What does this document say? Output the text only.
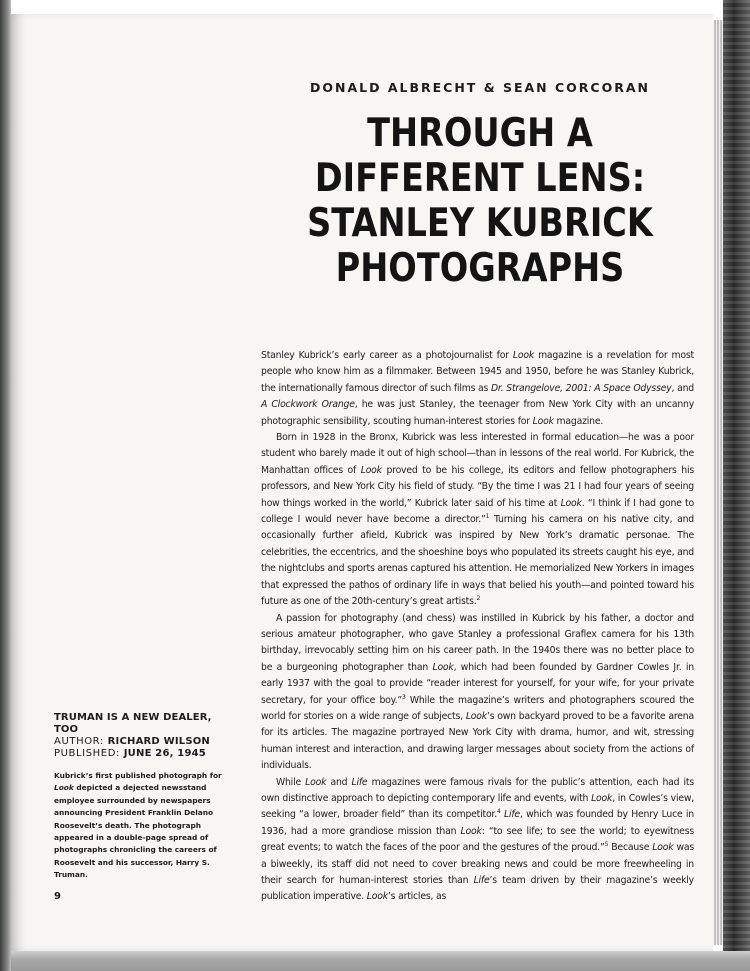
DONALD ALBRECHT & SEAN CORCORAN
THROUGH A
DIFFERENT LENS:
STANLEY KUBRICK
PHOTOGRAPHS

Stanley Kubrick’s early career as a photojournalist for Look magazine is a revelation for most people who know him as a filmmaker. Between 1945 and 1950, before he was Stanley Kubrick, the internationally famous director of such films as Dr. Strangelove, 2001: A Space Odyssey, and A Clockwork Orange, he was just Stanley, the teenager from New York City with an uncanny photographic sensibility, scouting human-interest stories for Look magazine.

Born in 1928 in the Bronx, Kubrick was less interested in formal education—he was a poor student who barely made it out of high school—than in lessons of the real world. For Kubrick, the Manhattan offices of Look proved to be his college, its editors and fellow photographers his professors, and New York City his field of study. “By the time I was 21 I had four years of seeing how things worked in the world,” Kubrick later said of his time at Look. “I think if I had gone to college I would never have become a director.”$^1$ Turning his camera on his native city, and occasionally further afield, Kubrick was inspired by New York’s dramatic personae. The celebrities, the eccentrics, and the shoeshine boys who populated its streets caught his eye, and the nightclubs and sports arenas captured his attention. He memorialized New Yorkers in images that expressed the pathos of ordinary life in ways that belied his youth—and pointed toward his future as one of the 20th-century’s great artists.$^2$

A passion for photography (and chess) was instilled in Kubrick by his father, a doctor and serious amateur photographer, who gave Stanley a professional Graflex camera for his 13th birthday, irrevocably setting him on his career path. In the 1940s there was no better place to be a burgeoning photographer than Look, which had been founded by Gardner Cowles Jr. in early 1937 with the goal to provide “reader interest for yourself, for your wife, for your private secretary, for your office boy.”$^3$ While the magazine’s writers and photographers scoured the world for stories on a wide range of subjects, Look’s own backyard proved to be a favorite arena for its articles. The magazine portrayed New York City with drama, humor, and wit, stressing human interest and interaction, and drawing larger messages about society from the actions of individuals.

While Look and Life magazines were famous rivals for the public’s attention, each had its own distinctive approach to depicting contemporary life and events, with Look, in Cowles’s view, seeking “a lower, broader field” than its competitor.$^4$ Life, which was founded by Henry Luce in 1936, had a more grandiose mission than Look: “to see life; to see the world; to eyewitness great events; to watch the faces of the poor and the gestures of the proud.”$^5$ Because Look was a biweekly, its staff did not need to cover breaking news and could be more freewheeling in their search for human-interest stories than Life’s team driven by their magazine’s weekly publication imperative. Look’s articles, as

TRUMAN IS A NEW DEALER, TOO
AUTHOR: RICHARD WILSON
PUBLISHED: JUNE 26, 1945
Kubrick’s first published photograph for Look depicted a dejected newsstand employee surrounded by newspapers announcing President Franklin Delano Roosevelt’s death. The photograph appeared in a double-page spread of photographs chronicling the careers of Roosevelt and his successor, Harry S. Truman.
9
